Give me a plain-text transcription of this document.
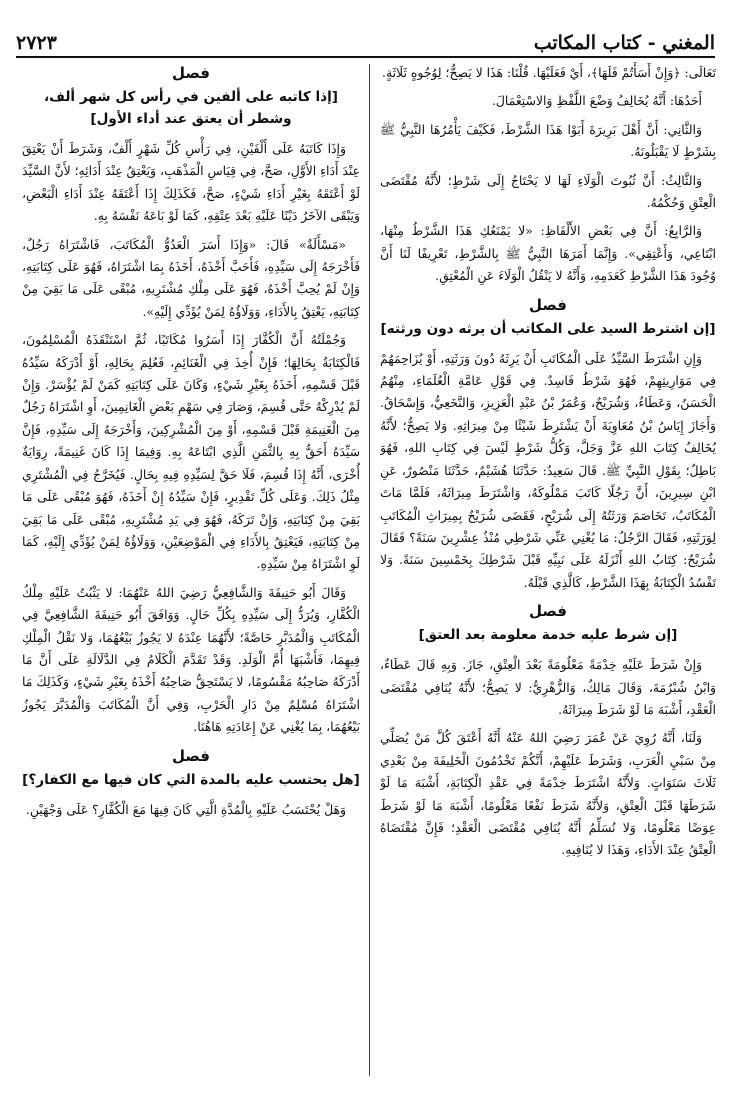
المغني - كتاب المكاتب
٢٧٢٣

تَعَالَى: ﴿وَإِنْ أَسَأْتُمْ فَلَهَا﴾، أَيْ فَعَلَيْهَا. قُلْنَا: هَذَا لا يَصِحُّ؛ لِوُجُوهٍ ثَلَاثَةٍ.

أَحَدُهَا: أَنَّهُ يُخَالِفُ وَضْعَ اللَّفْظِ وَالاسْتِعْمَالَ.

وَالثَّانِي: أَنَّ أَهْلَ بَرِيرَةَ أَبَوْا هَذَا الشَّرْطَ، فَكَيْفَ يَأْمُرُهَا النَّبِيُّ ﷺ بِشَرْطٍ لَا يَقْبَلُونَهُ.

وَالثَّالِثُ: أَنَّ ثُبُوتَ الْوَلَاءِ لَهَا لا يَحْتَاجُ إِلَى شَرْطٍ؛ لأَنَّهُ مُقْتَضَى الْعِتْقِ وَحُكْمُهُ.

وَالرَّابِعُ: أَنَّ فِي بَعْضِ الأَلْفَاظِ: «لا يَمْنَعُكِ هَذَا الشَّرْطُ مِنْهَا، ابْتَاعِي، وَأَعْتِقِي». وَإِنَّمَا أَمَرَهَا النَّبِيُّ ﷺ بِالشَّرْطِ، تَعْرِيفًا لَنَا أَنَّ وُجُودَ هَذَا الشَّرْطِ كَعَدَمِهِ، وَأَنَّهُ لا يَنْقُلُ الْوَلَاءَ عَنِ الْمُعْتِقِ.

فصل
[إن اشترط السيد على المكاتب أن يرثه دون ورثته]

وَإِنِ اشْتَرَطَ السَّيِّدُ عَلَى الْمُكَاتَبِ أَنْ يَرِثَهُ دُونَ وَرَثَتِهِ، أَوْ يُزَاحِمَهُمْ فِي مَوَارِيثِهِمْ، فَهُوَ شَرْطٌ فَاسِدٌ. فِي قَوْلِ عَامَّةِ الْعُلَمَاءِ، مِنْهُمُ الْحَسَنُ، وَعَطَاءٌ، وَشُرَيْحٌ، وَعُمَرُ بْنُ عَبْدِ الْعَزِيزِ، وَالنَّخَعِيُّ، وَإِسْحَاقُ. وَأَجَازَ إِيَاسُ بْنُ مُعَاوِيَةَ أَنْ يَشْتَرِطَ شَيْئًا مِنْ مِيرَاثِهِ. وَلا يَصِحُّ؛ لأَنَّهُ يُخَالِفُ كِتَابَ اللهِ عَزَّ وَجَلَّ، وَكُلُّ شَرْطٍ لَيْسَ فِي كِتَابِ اللهِ، فَهُوَ بَاطِلٌ؛ بِقَوْلِ النَّبِيِّ ﷺ. قَالَ سَعِيدٌ: حَدَّثَنَا هُشَيْمٌ، حَدَّثَنَا مَنْصُورٌ، عَنِ ابْنِ سِيرِينَ، أَنَّ رَجُلًا كَاتَبَ مَمْلُوكَهُ، وَاشْتَرَطَ مِيرَاثَهُ، فَلَمَّا مَاتَ الْمُكَاتَبُ، تَخَاصَمَ وَرَثَتُهُ إِلَى شُرَيْحٍ، فَقَضَى شُرَيْحٌ بِمِيرَاثِ الْمُكَاتَبِ لِوَرَثَتِهِ، فَقَالَ الرَّجُلُ: مَا يُغْنِي عَنِّي شَرْطِي مُنْذُ عِشْرِينَ سَنَةً؟ فَقَالَ شُرَيْحٌ: كِتَابُ اللهِ أَنْزَلَهُ عَلَى نَبِيِّهِ قَبْلَ شَرْطِكَ بِخَمْسِينَ سَنَةً. وَلا تَفْسُدُ الْكِتَابَةُ بِهَذَا الشَّرْطِ، كَالَّذِي قَبْلَهُ.

فصل
[إن شرط عليه خدمة معلومة بعد العتق]

وَإِنْ شَرَطَ عَلَيْهِ خِدْمَةً مَعْلُومَةً بَعْدَ الْعِتْقِ، جَازَ. وَبِهِ قَالَ عَطَاءٌ، وَابْنُ شُبْرُمَةَ، وَقَالَ مَالِكٌ، وَالزُّهْرِيُّ: لا يَصِحُّ؛ لأَنَّهُ يُنَافِي مُقْتَضَى الْعَقْدِ، أَشْبَهَ مَا لَوْ شَرَطَ مِيرَاثَهُ.

وَلَنَا، أَنَّهُ رُوِيَ عَنْ عُمَرَ رَضِيَ اللهُ عَنْهُ أَنَّهُ أَعْتَقَ كُلَّ مَنْ يُصَلِّي مِنْ سَبْيِ الْعَرَبِ، وَشَرَطَ عَلَيْهِمْ، أَنَّكُمْ تَخْدُمُونَ الْخَلِيفَةَ مِنْ بَعْدِي ثَلَاثَ سَنَوَاتٍ. وَلأَنَّهُ اشْتَرَطَ خِدْمَةً فِي عَقْدِ الْكِتَابَةِ، أَشْبَهَ مَا لَوْ شَرَطَهَا قَبْلَ الْعِتْقِ، وَلأَنَّهُ شَرَطَ نَفْعًا مَعْلُومًا، أَشْبَهَ مَا لَوْ شَرَطَ عِوَضًا مَعْلُومًا، وَلا نُسَلِّمُ أَنَّهُ يُنَافِي مُقْتَضَى الْعَقْدِ؛ فَإِنَّ مُقْتَضَاهُ الْعِتْقُ عِنْدَ الأَدَاءِ، وَهَذَا لا يُنَافِيهِ.

فصل
[إذا كاتبه على ألفين في رأس كل شهر ألف، وشطر أن يعتق عند أداء الأول]

وَإِذَا كَاتَبَهُ عَلَى أَلْفَيْنِ، فِي رَأْسِ كُلِّ شَهْرٍ أَلْفٌ، وَشَرَطَ أَنْ يَعْتِقَ عِنْدَ أَدَاءِ الأَوَّلِ، صَحَّ، فِي قِيَاسِ الْمَذْهَبِ، وَيَعْتِقُ عِنْدَ أَدَائِهِ؛ لأَنَّ السَّيِّدَ لَوْ أَعْتَقَهُ بِغَيْرِ أَدَاءِ شَيْءٍ، صَحَّ، فَكَذَلِكَ إِذَا أَعْتَقَهُ عِنْدَ أَدَاءِ الْبَعْضِ، وَيَبْقَى الآخَرُ دَيْنًا عَلَيْهِ بَعْدَ عِتْقِهِ، كَمَا لَوْ بَاعَهُ نَفْسَهُ بِهِ.

«مَسْأَلَةٌ» قَالَ: «وَإِذَا أَسَرَ الْعَدُوُّ الْمُكَاتَبَ، فَاشْتَرَاهُ رَجُلٌ، فَأَخْرَجَهُ إِلَى سَيِّدِهِ، فَأَحَبَّ أَخْذَهُ، أَخَذَهُ بِمَا اشْتَرَاهُ، فَهُوَ عَلَى كِتَابَتِهِ، وَإِنْ لَمْ يُحِبَّ أَخْذَهُ، فَهُوَ عَلَى مِلْكِ مُشْتَرِيهِ، مُبْقًى عَلَى مَا بَقِيَ مِنْ كِتَابَتِهِ، يَعْتِقُ بِالأَدَاءِ، وَوَلَاؤُهُ لِمَنْ يُؤَدِّي إِلَيْهِ».

وَجُمْلَتُهُ أَنَّ الْكُفَّارَ إِذَا أَسَرُوا مُكَاتَبًا، ثُمَّ اسْتَنْقَذَهُ الْمُسْلِمُونَ، فَالْكِتَابَةُ بِحَالِهَا؛ فَإِنْ أُخِذَ فِي الْغَنَائِمِ، فَعُلِمَ بِحَالِهِ، أَوْ أَدْرَكَهُ سَيِّدُهُ قَبْلَ قَسْمِهِ، أَخَذَهُ بِغَيْرِ شَيْءٍ، وَكَانَ عَلَى كِتَابَتِهِ كَمَنْ لَمْ يُؤْسَرْ. وَإِنْ لَمْ يُدْرِكْهُ حَتَّى قُسِمَ، وَصَارَ فِي سَهْمِ بَعْضِ الْغَانِمِينَ، أَوِ اشْتَرَاهُ رَجُلٌ مِنَ الْغَنِيمَةِ قَبْلَ قَسْمِهِ، أَوْ مِنَ الْمُشْرِكِينَ، وَأَخْرَجَهُ إِلَى سَيِّدِهِ، فَإِنَّ سَيِّدَهُ أَحَقُّ بِهِ بِالثَّمَنِ الَّذِي ابْتَاعَهُ بِهِ. وَفِيمَا إِذَا كَانَ غَنِيمَةً، رِوَايَةٌ أُخْرَى، أَنَّهُ إِذَا قُسِمَ، فَلَا حَقَّ لِسَيِّدِهِ فِيهِ بِحَالٍ. فَيُخَرَّجُ فِي الْمُشْتَرِي مِثْلُ ذَلِكَ. وَعَلَى كُلِّ تَقْدِيرٍ، فَإِنْ سَيِّدُهُ إِنْ أَخَذَهُ، فَهُوَ مُبْقًى عَلَى مَا بَقِيَ مِنْ كِتَابَتِهِ، وَإِنْ تَرَكَهُ، فَهُوَ فِي يَدِ مُشْتَرِيهِ، مُبْقًى عَلَى مَا بَقِيَ مِنْ كِتَابَتِهِ، فَيَعْتِقُ بِالأَدَاءِ فِي الْمَوْضِعَيْنِ، وَوَلَاؤُهُ لِمَنْ يُؤَدِّي إِلَيْهِ، كَمَا لَوِ اشْتَرَاهُ مِنْ سَيِّدِهِ.

وَقَالَ أَبُو حَنِيفَةَ وَالشَّافِعِيُّ رَضِيَ اللهُ عَنْهُمَا: لا يَثْبُتُ عَلَيْهِ مِلْكُ الْكُفَّارِ، وَيُرَدُّ إِلَى سَيِّدِهِ بِكُلِّ حَالٍ. وَوَافَقَ أَبُو حَنِيفَةَ الشَّافِعِيَّ فِي الْمُكَاتَبِ وَالْمُدَبَّرِ خَاصَّةً؛ لأَنَّهُمَا عِنْدَهُ لا يَجُوزُ بَيْعُهُمَا، وَلا نَقْلُ الْمِلْكِ فِيهِمَا، فَأَشْبَهَا أُمَّ الْوَلَدِ. وَقَدْ تَقَدَّمَ الْكَلَامُ فِي الدَّلَالَةِ عَلَى أَنَّ مَا أَدْرَكَهُ صَاحِبُهُ مَقْسُومًا، لا يَسْتَحِقُّ صَاحِبُهُ أَخْذَهُ بِغَيْرِ شَيْءٍ، وَكَذَلِكَ مَا اشْتَرَاهُ مُسْلِمٌ مِنْ دَارِ الْحَرْبِ، وَفِي أَنَّ الْمُكَاتَبَ وَالْمُدَبَّرَ يَجُوزُ بَيْعُهُمَا، بِمَا يُغْنِي عَنْ إِعَادَتِهِ هَاهُنَا.

فصل
[هل يحتسب عليه بالمدة التي كان فيها مع الكفار؟]

وَهَلْ يُحْتَسَبُ عَلَيْهِ بِالْمُدَّةِ الَّتِي كَانَ فِيهَا مَعَ الْكُفَّارِ؟ عَلَى وَجْهَيْنِ.
